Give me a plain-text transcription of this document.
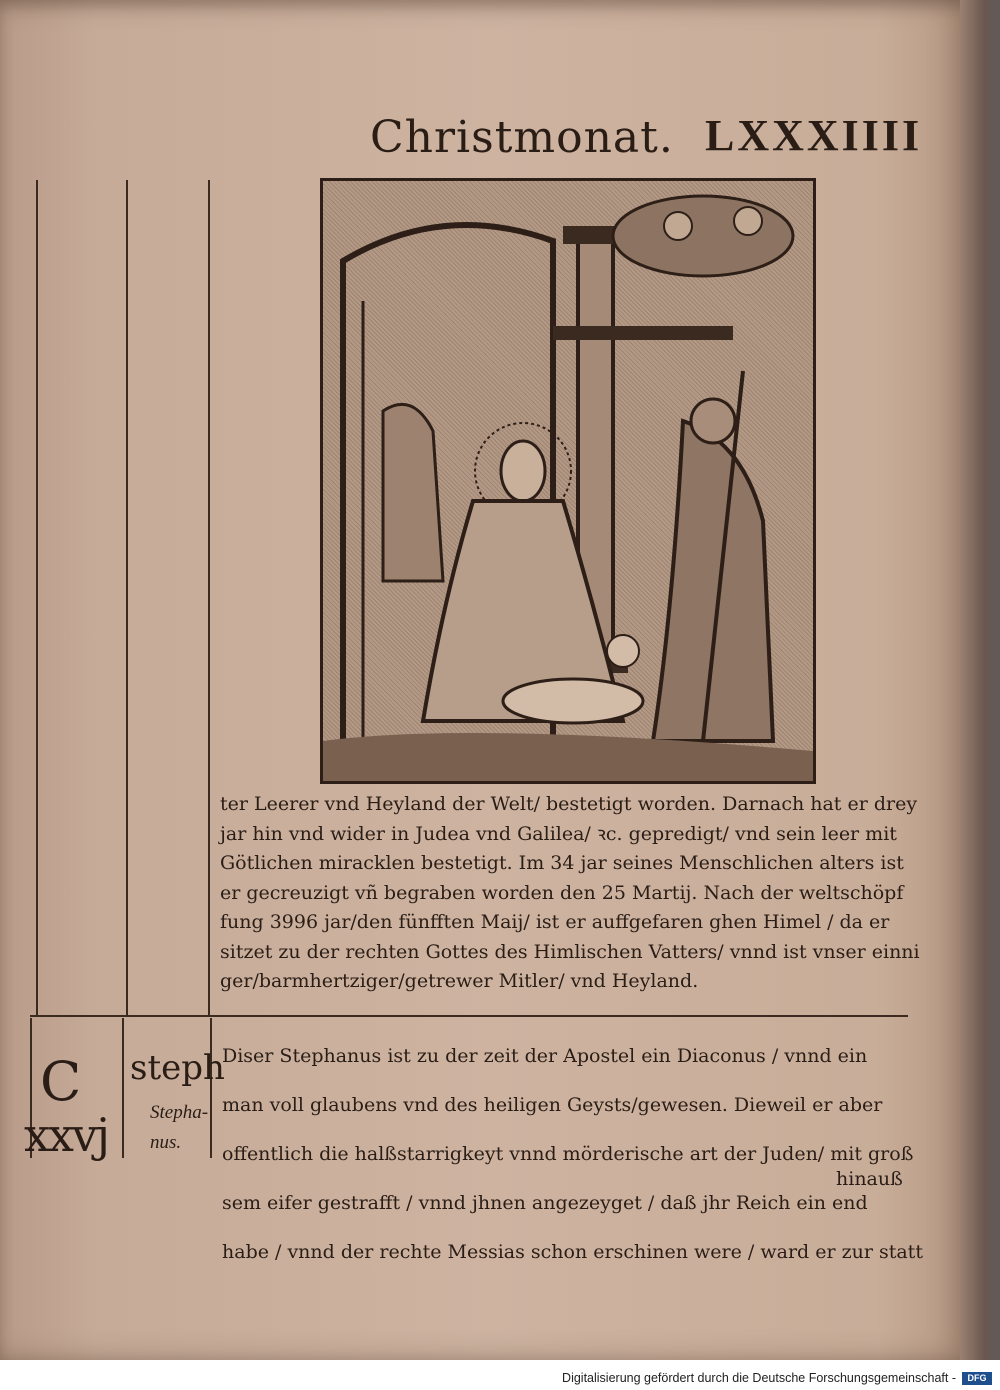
Christmonat. LXXXIIII

ter Leerer vnd Heyland der Welt/ bestetigt worden. Darnach hat er drey

jar hin vnd wider in Judea vnd Galilea/ ꝛc. gepredigt/ vnd sein leer mit

Götlichen miracklen bestetigt. Im 34 jar seines Menschlichen alters ist

er gecreuzigt vñ begraben worden den 25 Martij. Nach der weltschöpf

fung 3996 jar/den fünfften Maij/ ist er auffgefaren ghen Himel / da er

sitzet zu der rechten Gottes des Himlischen Vatters/ vnnd ist vnser einni

ger/barmhertziger/getrewer Mitler/ vnd Heyland.

C
xxvj
steph
Stepha-
nus.

Diser Stephanus ist zu der zeit der Apostel ein Diaconus / vnnd ein

man voll glaubens vnd des heiligen Geysts/gewesen. Dieweil er aber

offentlich die halßstarrigkeyt vnnd mörderische art der Juden/ mit groß

sem eifer gestrafft / vnnd jhnen angezeyget / daß jhr Reich ein end

habe / vnnd der rechte Messias schon erschinen were / ward er zur statt

hinauß
Digitalisierung gefördert durch die Deutsche Forschungsgemeinschaft -	DFG
